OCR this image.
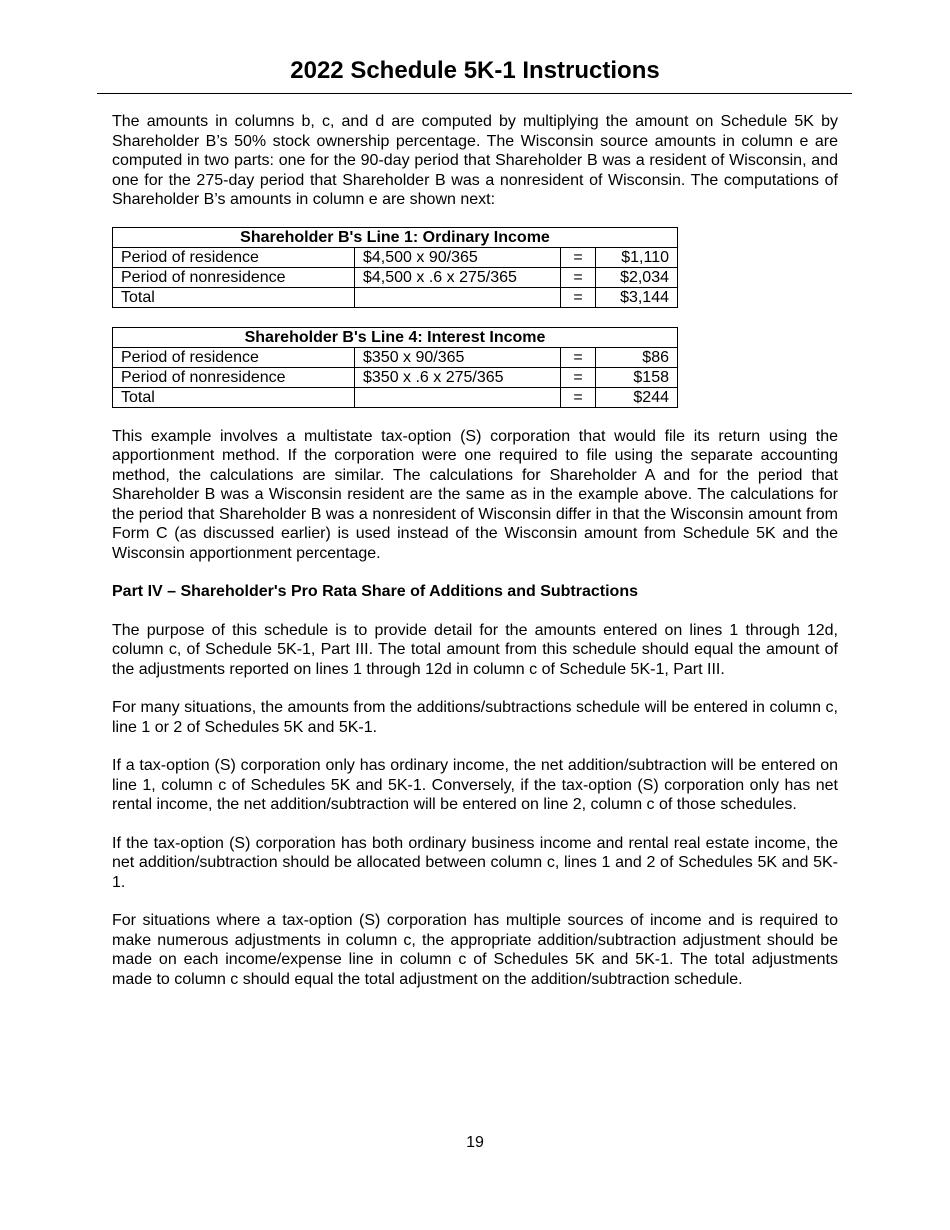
2022 Schedule 5K-1 Instructions

The amounts in columns b, c, and d are computed by multiplying the amount on Schedule 5K by Shareholder B’s 50% stock ownership percentage. The Wisconsin source amounts in column e are computed in two parts: one for the 90-day period that Shareholder B was a resident of Wisconsin, and one for the 275-day period that Shareholder B was a nonresident of Wisconsin. The computations of Shareholder B’s amounts in column e are shown next:

Shareholder B's Line 1: Ordinary Income			
Period of residence	$4,500 x 90/365	=	$1,110
Period of nonresidence	$4,500 x .6 x 275/365	=	$2,034
Total		=	$3,144
Shareholder B's Line 4: Interest Income			
Period of residence	$350 x 90/365	=	$86
Period of nonresidence	$350 x .6 x 275/365	=	$158
Total		=	$244

This example involves a multistate tax-option (S) corporation that would file its return using the apportionment method. If the corporation were one required to file using the separate accounting method, the calculations are similar. The calculations for Shareholder A and for the period that Shareholder B was a Wisconsin resident are the same as in the example above. The calculations for the period that Shareholder B was a nonresident of Wisconsin differ in that the Wisconsin amount from Form C (as discussed earlier) is used instead of the Wisconsin amount from Schedule 5K and the Wisconsin apportionment percentage.

Part IV – Shareholder's Pro Rata Share of Additions and Subtractions

The purpose of this schedule is to provide detail for the amounts entered on lines 1 through 12d, column c, of Schedule 5K-1, Part III. The total amount from this schedule should equal the amount of the adjustments reported on lines 1 through 12d in column c of Schedule 5K-1, Part III.

For many situations, the amounts from the additions/subtractions schedule will be entered in column c, line 1 or 2 of Schedules 5K and 5K-1.

If a tax-option (S) corporation only has ordinary income, the net addition/subtraction will be entered on line 1, column c of Schedules 5K and 5K-1. Conversely, if the tax-option (S) corporation only has net rental income, the net addition/subtraction will be entered on line 2, column c of those schedules.

If the tax-option (S) corporation has both ordinary business income and rental real estate income, the net addition/subtraction should be allocated between column c, lines 1 and 2 of Schedules 5K and 5K-1.

For situations where a tax-option (S) corporation has multiple sources of income and is required to make numerous adjustments in column c, the appropriate addition/subtraction adjustment should be made on each income/expense line in column c of Schedules 5K and 5K-1. The total adjustments made to column c should equal the total adjustment on the addition/subtraction schedule.

19
